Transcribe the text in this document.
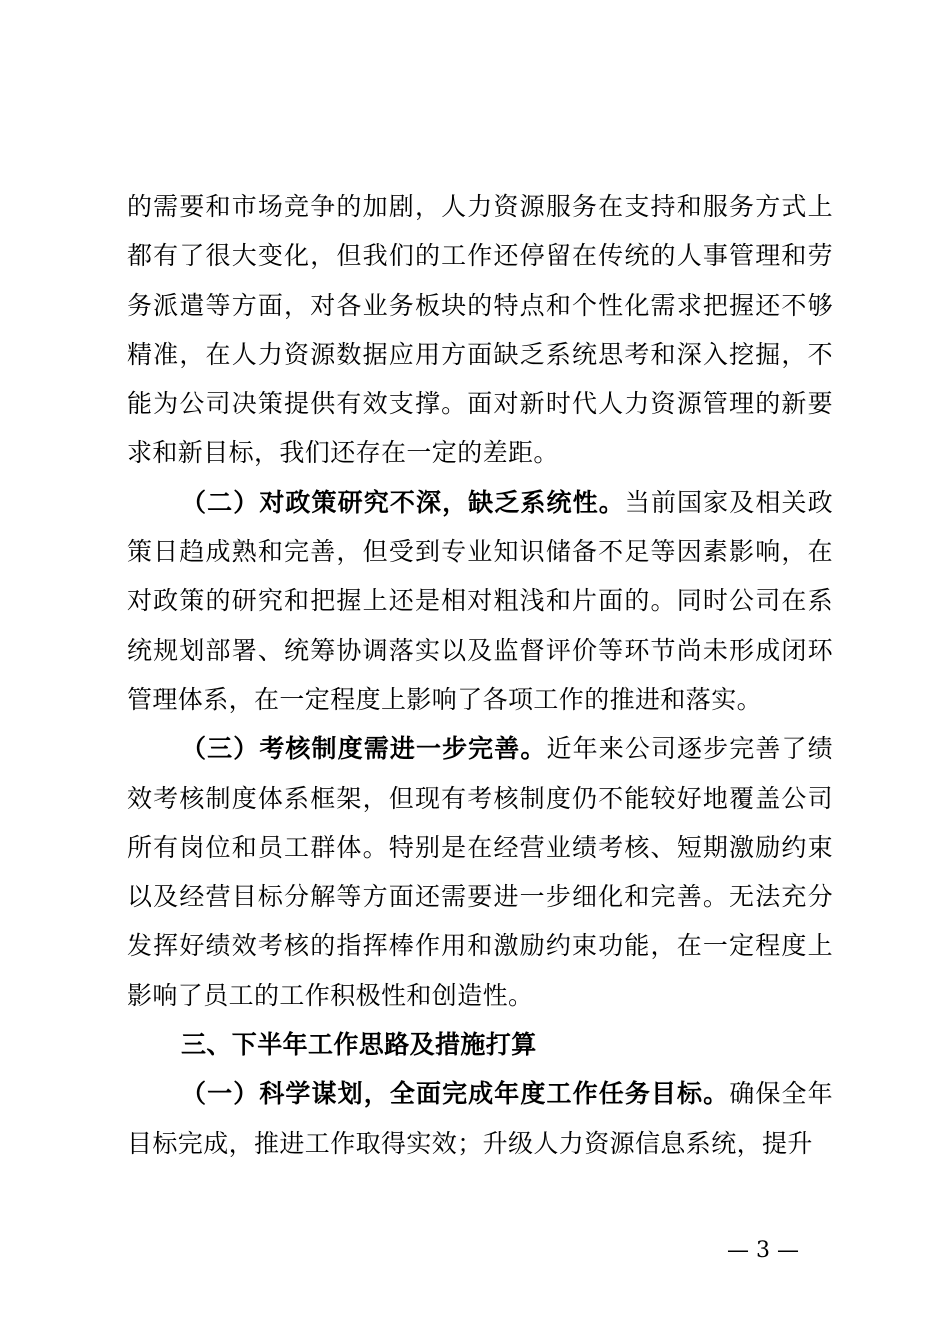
的需要和市场竞争的加剧，人力资源服务在支持和服务方式上都有了很大变化，但我们的工作还停留在传统的人事管理和劳务派遣等方面，对各业务板块的特点和个性化需求把握还不够精准，在人力资源数据应用方面缺乏系统思考和深入挖掘，不能为公司决策提供有效支撑。面对新时代人力资源管理的新要求和新目标，我们还存在一定的差距。

（二）对政策研究不深，缺乏系统性。当前国家及相关政策日趋成熟和完善，但受到专业知识储备不足等因素影响，在对政策的研究和把握上还是相对粗浅和片面的。同时公司在系统规划部署、统筹协调落实以及监督评价等环节尚未形成闭环管理体系，在一定程度上影响了各项工作的推进和落实。

（三）考核制度需进一步完善。近年来公司逐步完善了绩效考核制度体系框架，但现有考核制度仍不能较好地覆盖公司所有岗位和员工群体。特别是在经营业绩考核、短期激励约束以及经营目标分解等方面还需要进一步细化和完善。无法充分发挥好绩效考核的指挥棒作用和激励约束功能，在一定程度上影响了员工的工作积极性和创造性。

三、下半年工作思路及措施打算

（一）科学谋划，全面完成年度工作任务目标。确保全年目标完成，推进工作取得实效；升级人力资源信息系统，提升

— 3 —
